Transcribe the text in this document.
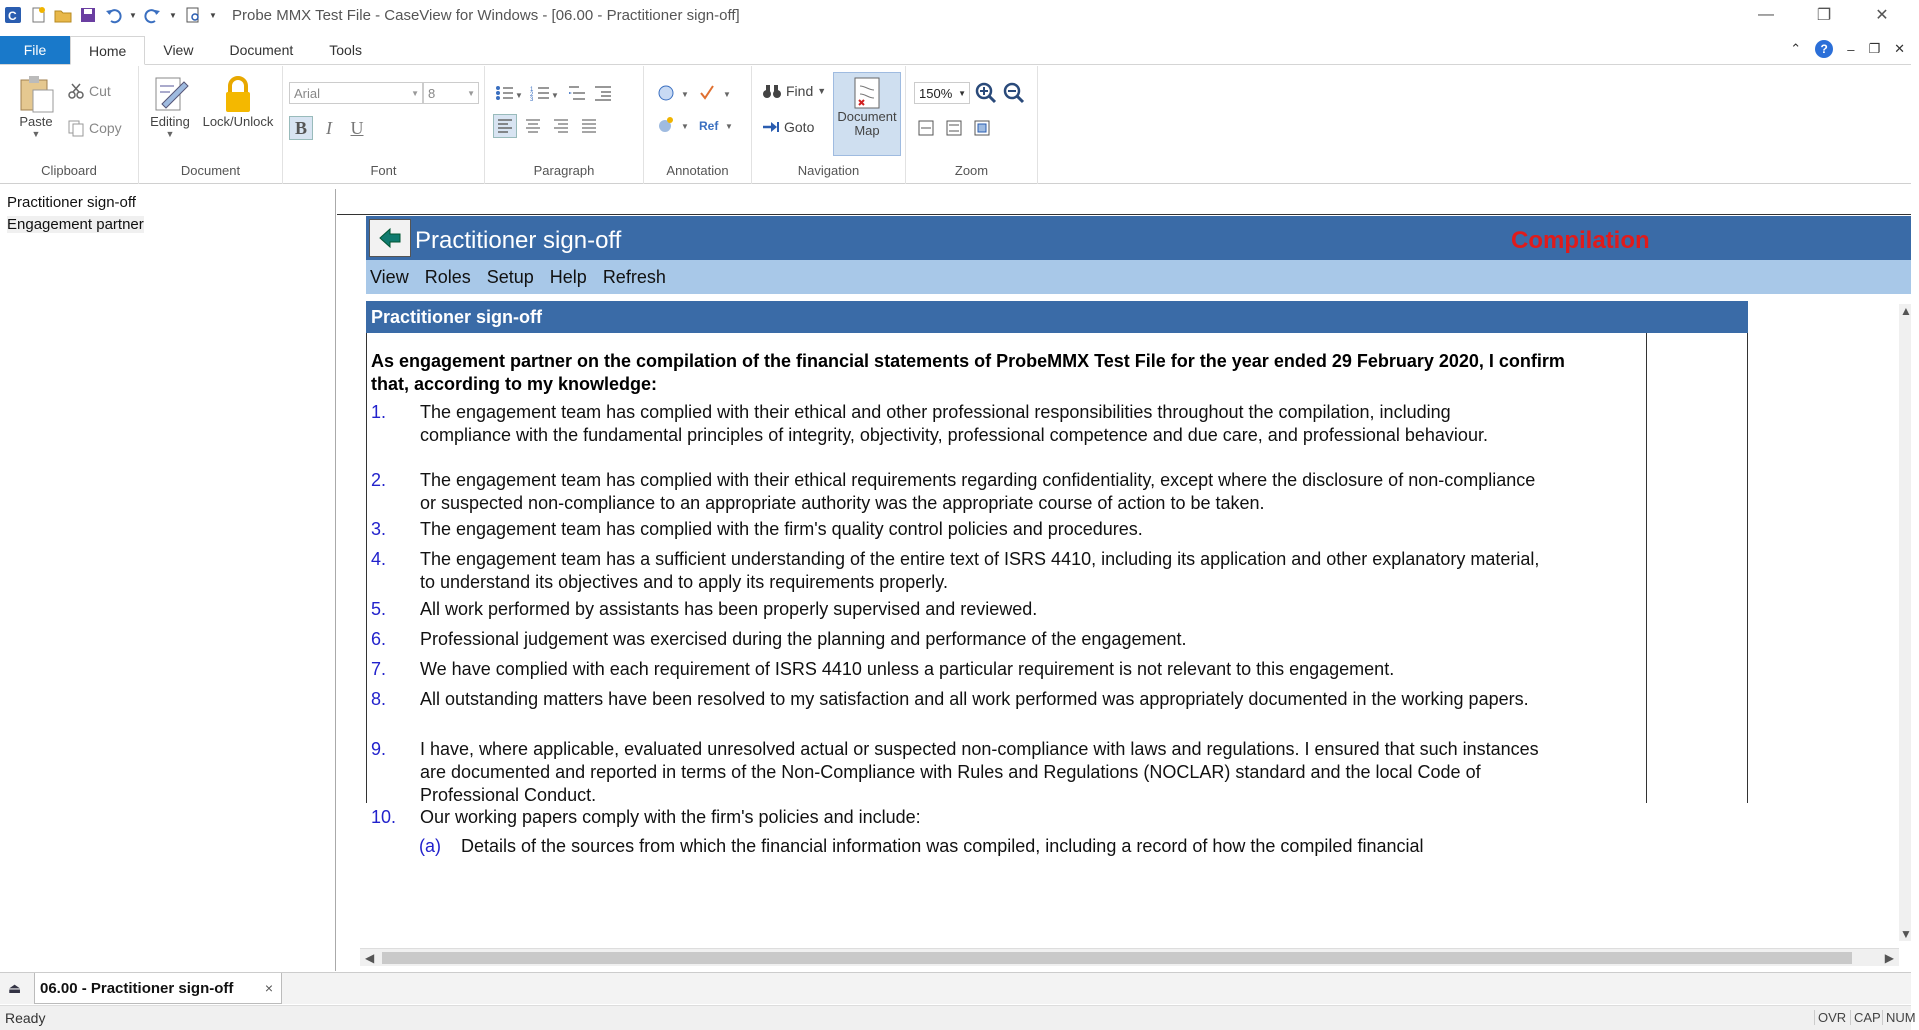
C	▼	▼	▼ Probe MMX Test File - CaseView for Windows - [06.00 - Practitioner sign-off]	—	❐	✕
File	Home	View	Document	Tools	⌃	?	– ❐ ✕
Paste
▼
Cut
Copy
Clipboard
Editing
▼
Lock/Unlock
Document
Arial	▼ 8	▼
B	I	U
Font
▼
1
2
3 ▼
Paragraph
▼	▼
▼ Ref ▼
Annotation
Find ▼
Goto
Document
Map
Navigation
150% ▼
Zoom
Practitioner sign-off
Engagement partner
Practitioner sign-off	Compilation
View Roles Setup Help Refresh
Practitioner sign-off
As engagement partner on the compilation of the financial statements of ProbeMMX Test File for the year ended 29 February 2020, I confirm that, according to my knowledge:
1. The engagement team has complied with their ethical and other professional responsibilities throughout the compilation, including compliance with the fundamental principles of integrity, objectivity, professional competence and due care, and professional behaviour.
2. The engagement team has complied with their ethical requirements regarding confidentiality, except where the disclosure of non-compliance or suspected non-compliance to an appropriate authority was the appropriate course of action to be taken.
3. The engagement team has complied with the firm's quality control policies and procedures.
4. The engagement team has a sufficient understanding of the entire text of ISRS 4410, including its application and other explanatory material, to understand its objectives and to apply its requirements properly.
5. All work performed by assistants has been properly supervised and reviewed.
6. Professional judgement was exercised during the planning and performance of the engagement.
7. We have complied with each requirement of ISRS 4410 unless a particular requirement is not relevant to this engagement.
8. All outstanding matters have been resolved to my satisfaction and all work performed was appropriately documented in the working papers.
9. I have, where applicable, evaluated unresolved actual or suspected non-compliance with laws and regulations. I ensured that such instances are documented and reported in terms of the Non-Compliance with Rules and Regulations (NOCLAR) standard and the local Code of Professional Conduct.
10. Our working papers comply with the firm's policies and include:
(a) Details of the sources from which the financial information was compiled, including a record of how the compiled financial
▲
▼
◀	▶
⏏ 06.00 - Practitioner sign-off ×
Ready	OVR CAP NUM
